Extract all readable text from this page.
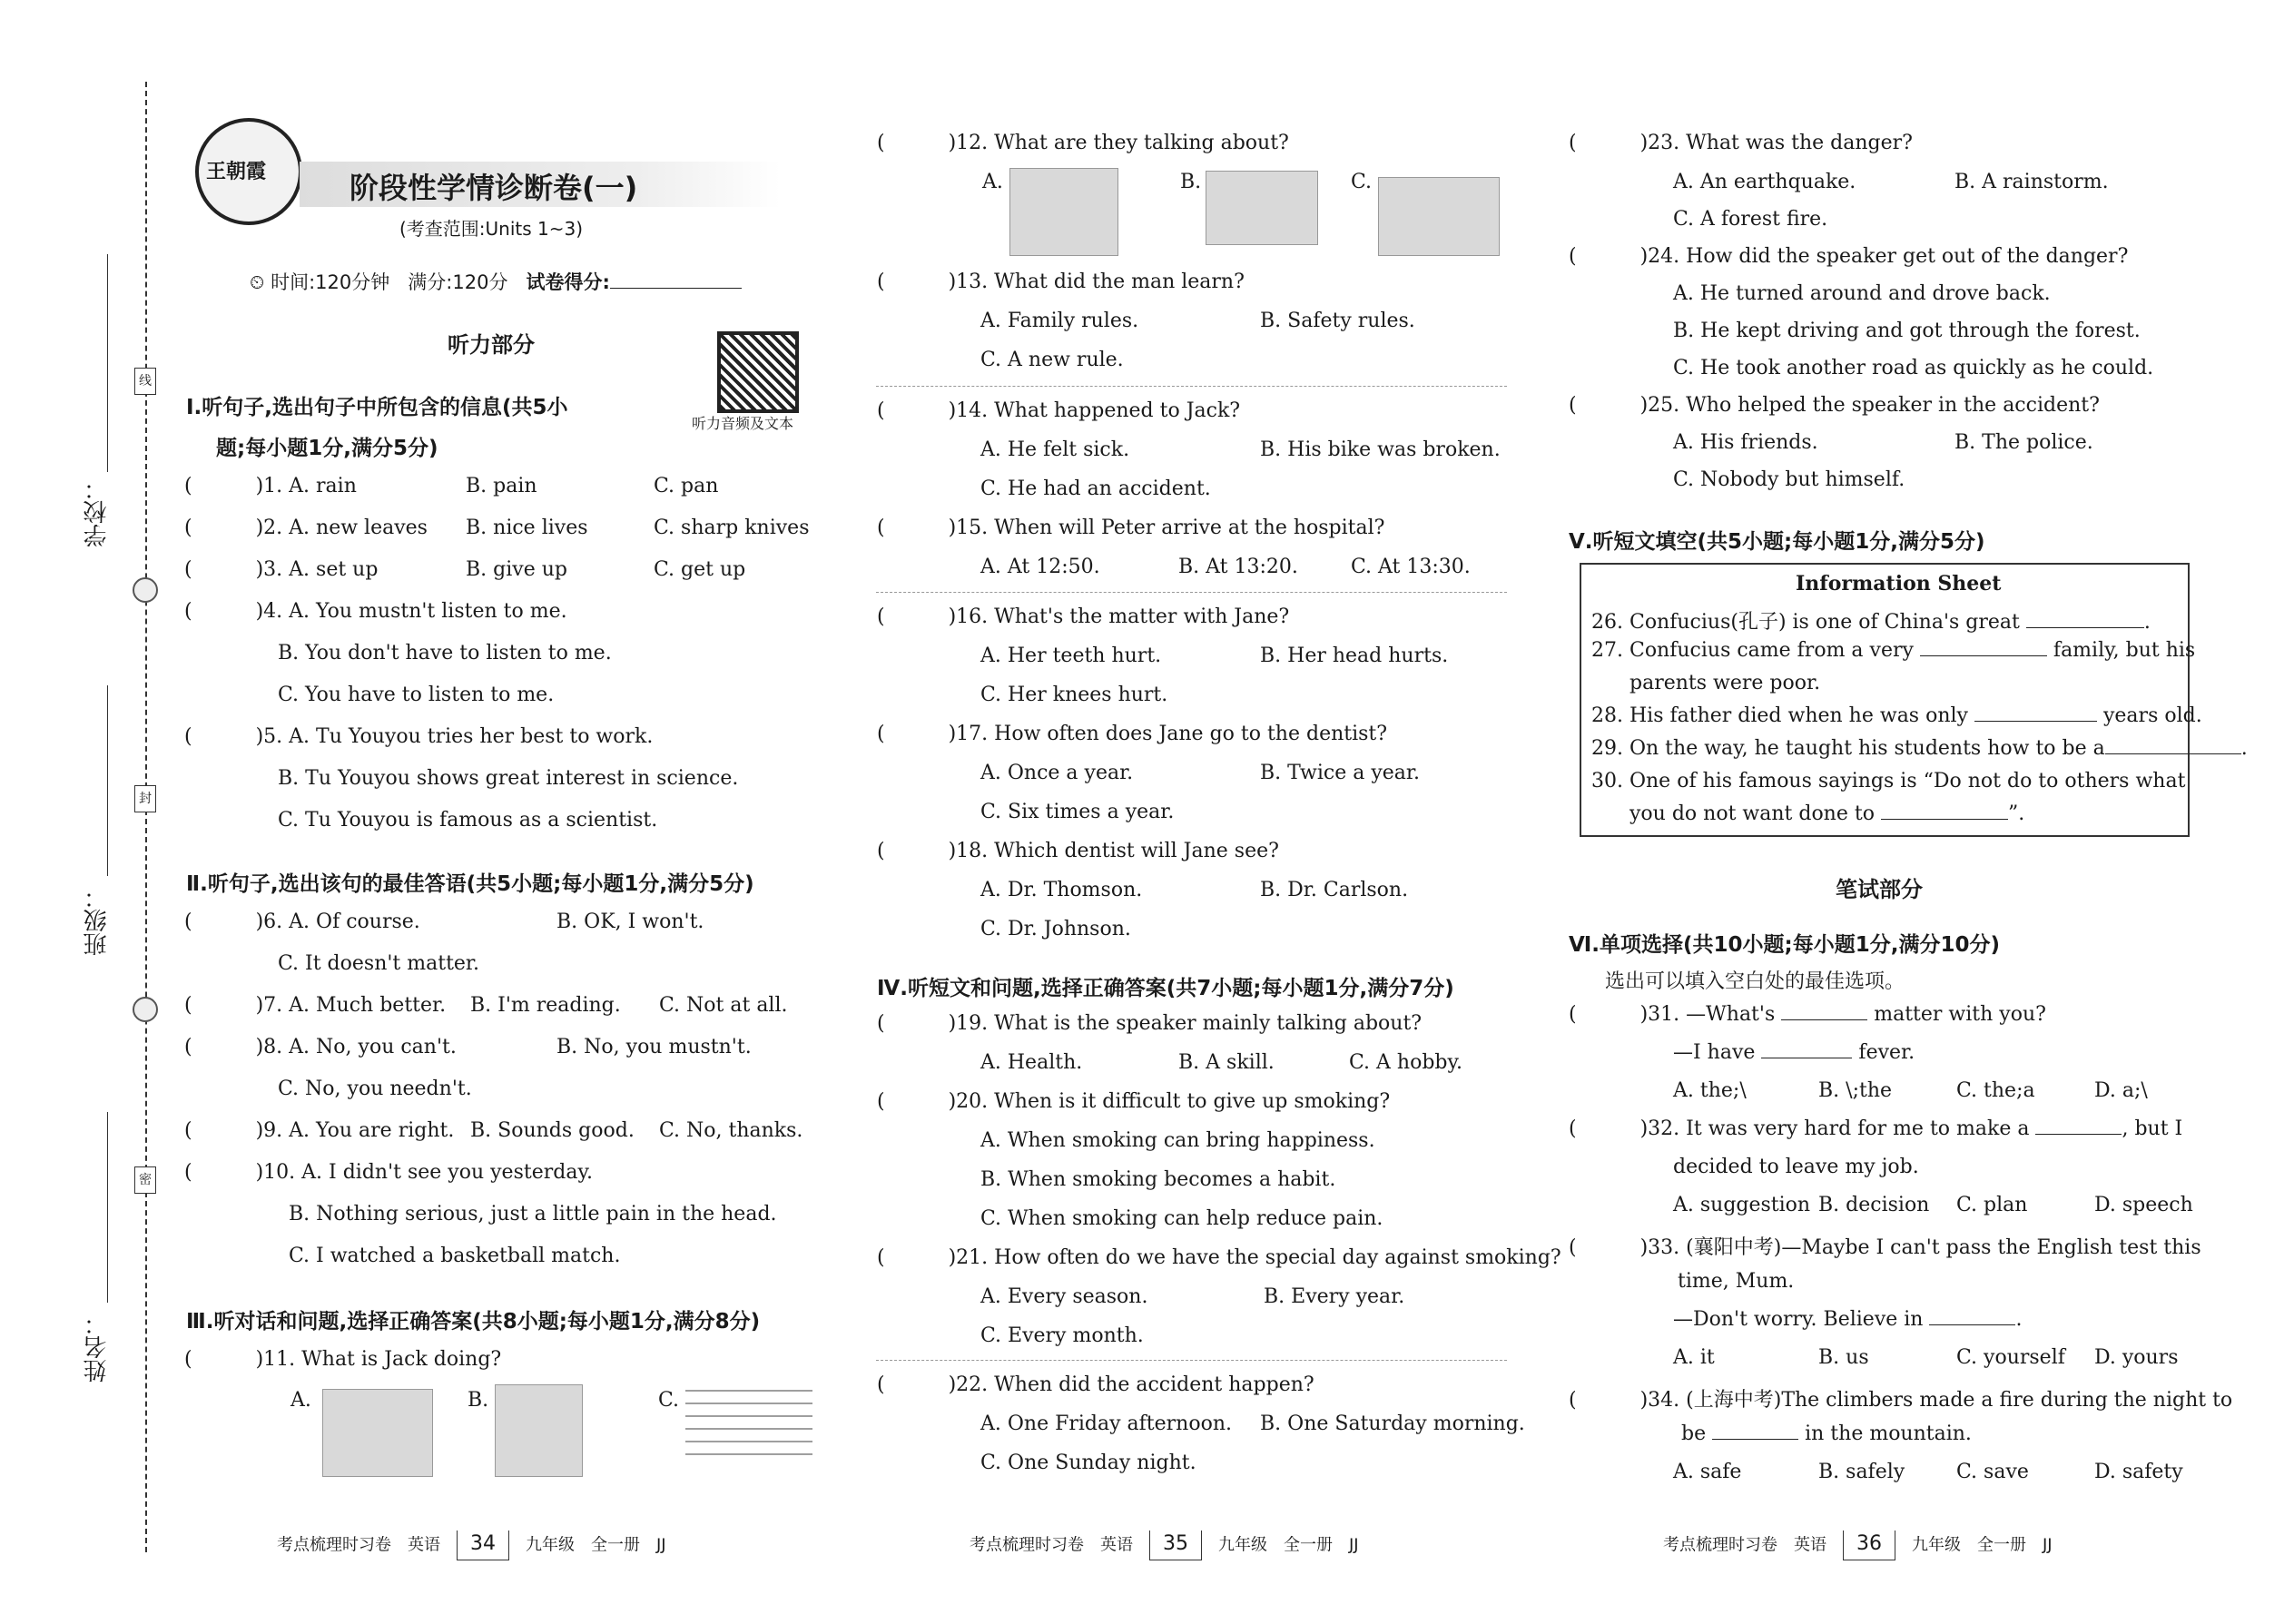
线
封
密
学校：
班级：
姓名：
王朝霞	阶段性学情诊断卷(一)
(考查范围:Units 1~3)
⏲ 时间:120分钟 满分:120分 试卷得分:
听力部分
听力音频及文本
Ⅰ.听句子,选出句子中所包含的信息(共5小
题;每小题1分,满分5分)
(	)1. A. rain	B. pain	C. pan
(	)2. A. new leaves B. nice lives	C. sharp knives
(	)3. A. set up	B. give up	C. get up
(	)4. A. You mustn't listen to me.
B. You don't have to listen to me.
C. You have to listen to me.
(	)5. A. Tu Youyou tries her best to work.
B. Tu Youyou shows great interest in science.
C. Tu Youyou is famous as a scientist.
Ⅱ.听句子,选出该句的最佳答语(共5小题;每小题1分,满分5分)
(	)6. A. Of course.	B. OK, I won't.
C. It doesn't matter.
(	)7. A. Much better. B. I'm reading. C. Not at all.
(	)8. A. No, you can't.	B. No, you mustn't.
C. No, you needn't.
(	)9. A. You are right. B. Sounds good. C. No, thanks.
(	)10. A. I didn't see you yesterday.
B. Nothing serious, just a little pain in the head.
C. I watched a basketball match.
Ⅲ.听对话和问题,选择正确答案(共8小题;每小题1分,满分8分)
(	)11. What is Jack doing?
A.	B.	C.
(	)12. What are they talking about?
A.	B.	C.
(	)13. What did the man learn?
A. Family rules.	B. Safety rules.
C. A new rule.
(	)14. What happened to Jack?
A. He felt sick.	B. His bike was broken.
C. He had an accident.
(	)15. When will Peter arrive at the hospital?
A. At 12:50.	B. At 13:20.	C. At 13:30.
(	)16. What's the matter with Jane?
A. Her teeth hurt.	B. Her head hurts.
C. Her knees hurt.
(	)17. How often does Jane go to the dentist?
A. Once a year.	B. Twice a year.
C. Six times a year.
(	)18. Which dentist will Jane see?
A. Dr. Thomson.	B. Dr. Carlson.
C. Dr. Johnson.
Ⅳ.听短文和问题,选择正确答案(共7小题;每小题1分,满分7分)
(	)19. What is the speaker mainly talking about?
A. Health.	B. A skill.	C. A hobby.
(	)20. When is it difficult to give up smoking?
A. When smoking can bring happiness.
B. When smoking becomes a habit.
C. When smoking can help reduce pain.
(	)21. How often do we have the special day against smoking?
A. Every season.	B. Every year.
C. Every month.
(	)22. When did the accident happen?
A. One Friday afternoon. B. One Saturday morning.
C. One Sunday night.
(	)23. What was the danger?
A. An earthquake.	B. A rainstorm.
C. A forest fire.
(	)24. How did the speaker get out of the danger?
A. He turned around and drove back.
B. He kept driving and got through the forest.
C. He took another road as quickly as he could.
(	)25. Who helped the speaker in the accident?
A. His friends.	B. The police.
C. Nobody but himself.
Ⅴ.听短文填空(共5小题;每小题1分,满分5分)
Information Sheet
26. Confucius(孔子) is one of China's great	.
27. Confucius came from a very	family, but his
parents were poor.
28. His father died when he was only	years old.
29. On the way, he taught his students how to be a	.
30. One of his famous sayings is “Do not do to others what
you do not want done to	”.
笔试部分
Ⅵ.单项选择(共10小题;每小题1分,满分10分)
选出可以填入空白处的最佳选项。
(	)31. —What's	matter with you?
—I have	fever.
A. the;\	B. \;the	C. the;a	D. a;\
(	)32. It was very hard for me to make a	, but I
decided to leave my job.
A. suggestion B. decision C. plan	D. speech
(	)33. (襄阳中考)—Maybe I can't pass the English test this
time, Mum.
—Don't worry. Believe in	.
A. it	B. us	C. yourself D. yours
(	)34. (上海中考)The climbers made a fire during the night to
be	in the mountain.
A. safe	B. safely	C. save	D. safety
考点梳理时习卷　英语 34 九年级　全一册　JJ	考点梳理时习卷　英语 35 九年级　全一册　JJ	考点梳理时习卷　英语 36 九年级　全一册　JJ
